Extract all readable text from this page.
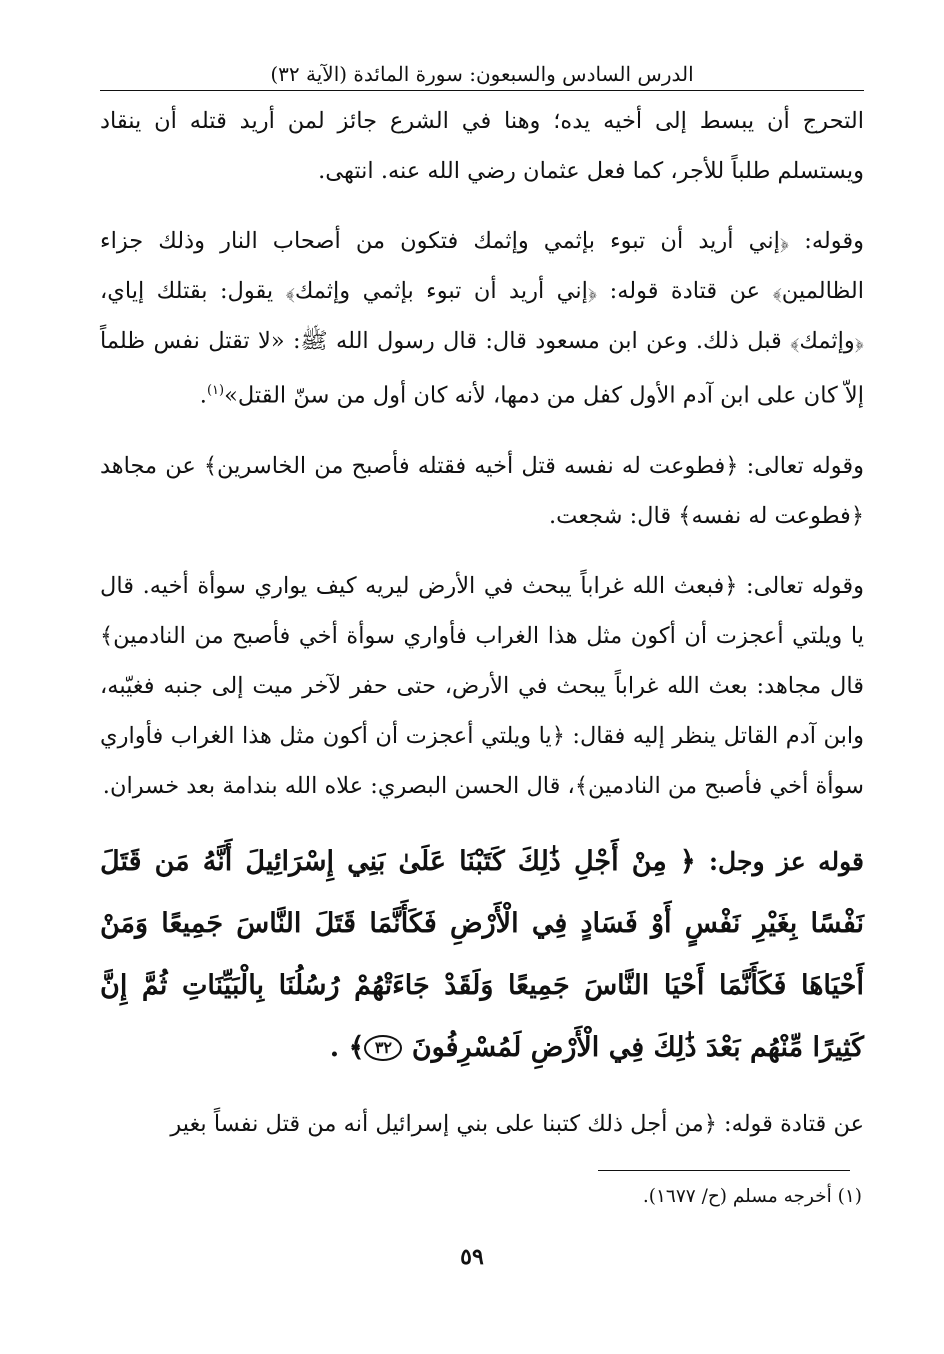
الدرس السادس والسبعون: سورة المائدة (الآية ٣٢)

التحرج أن يبسط إلى أخيه يده؛ وهنا في الشرع جائز لمن أريد قتله أن ينقاد ويستسلم طلباً للأجر، كما فعل عثمان رضي الله عنه. انتهى.

وقوله: ﴿إني أريد أن تبوء بإثمي وإثمك فتكون من أصحاب النار وذلك جزاء الظالمين﴾ عن قتادة قوله: ﴿إني أريد أن تبوء بإثمي وإثمك﴾ يقول: بقتلك إياي، ﴿وإثمك﴾ قبل ذلك. وعن ابن مسعود قال: قال رسول الله ﷺ: «لا تقتل نفس ظلماً إلاّ كان على ابن آدم الأول كفل من دمها، لأنه كان أول من سنّ القتل»$^{(١)}$.

وقوله تعالى: ﴿فطوعت له نفسه قتل أخيه فقتله فأصبح من الخاسرين﴾ عن مجاهد ﴿فطوعت له نفسه﴾ قال: شجعت.

وقوله تعالى: ﴿فبعث الله غراباً يبحث في الأرض ليريه كيف يواري سوأة أخيه. قال يا ويلتي أعجزت أن أكون مثل هذا الغراب فأواري سوأة أخي فأصبح من النادمين﴾ قال مجاهد: بعث الله غراباً يبحث في الأرض، حتى حفر لآخر ميت إلى جنبه فغيّبه، وابن آدم القاتل ينظر إليه فقال: ﴿يا ويلتي أعجزت أن أكون مثل هذا الغراب فأواري سوأة أخي فأصبح من النادمين﴾، قال الحسن البصري: علاه الله بندامة بعد خسران.

قوله عز وجل: ﴿ مِنْ أَجْلِ ذَٰلِكَ كَتَبْنَا عَلَىٰ بَنِي إِسْرَائِيلَ أَنَّهُ مَن قَتَلَ نَفْسًا بِغَيْرِ نَفْسٍ أَوْ فَسَادٍ فِي الْأَرْضِ فَكَأَنَّمَا قَتَلَ النَّاسَ جَمِيعًا وَمَنْ أَحْيَاهَا فَكَأَنَّمَا أَحْيَا النَّاسَ جَمِيعًا وَلَقَدْ جَاءَتْهُمْ رُسُلُنَا بِالْبَيِّنَاتِ ثُمَّ إِنَّ كَثِيرًا مِّنْهُم بَعْدَ ذَٰلِكَ فِي الْأَرْضِ لَمُسْرِفُونَ ٣٢﴾ .

عن قتادة قوله: ﴿من أجل ذلك كتبنا على بني إسرائيل أنه من قتل نفساً بغير

(١) أخرجه مسلم (ح/ ١٦٧٧).
٥٩
